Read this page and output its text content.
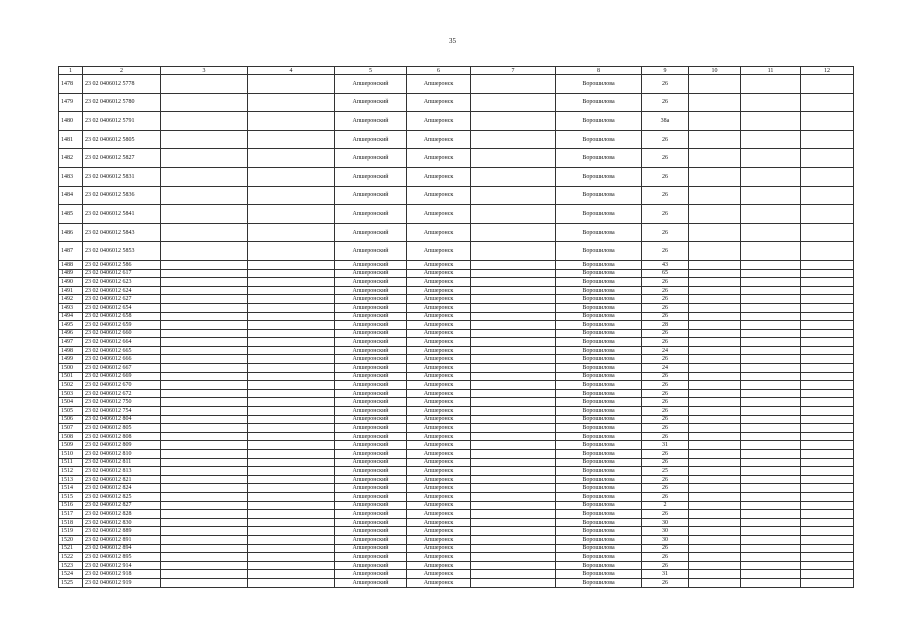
35
1	2	3	4	5	6	7	8	9	10	11	12
1478	23 02 0406012 5778			Апшеронский	Апшеронск		Ворошилова	26			
1479	23 02 0406012 5780			Апшеронский	Апшеронск		Ворошилова	26			
1480	23 02 0406012 5791			Апшеронский	Апшеронск		Ворошилова	38а			
1481	23 02 0406012 5805			Апшеронский	Апшеронск		Ворошилова	26			
1482	23 02 0406012 5827			Апшеронский	Апшеронск		Ворошилова	26			
1483	23 02 0406012 5831			Апшеронский	Апшеронск		Ворошилова	26			
1484	23 02 0406012 5836			Апшеронский	Апшеронск		Ворошилова	26			
1485	23 02 0406012 5841			Апшеронский	Апшеронск		Ворошилова	26			
1486	23 02 0406012 5843			Апшеронский	Апшеронск		Ворошилова	26			
1487	23 02 0406012 5853			Апшеронский	Апшеронск		Ворошилова	26			
1488	23 02 0406012 586			Апшеронский	Апшеронск		Ворошилова	43			
1489	23 02 0406012 617			Апшеронский	Апшеронск		Ворошилова	65			
1490	23 02 0406012 623			Апшеронский	Апшеронск		Ворошилова	26			
1491	23 02 0406012 624			Апшеронский	Апшеронск		Ворошилова	26			
1492	23 02 0406012 627			Апшеронский	Апшеронск		Ворошилова	26			
1493	23 02 0406012 654			Апшеронский	Апшеронск		Ворошилова	26			
1494	23 02 0406012 658			Апшеронский	Апшеронск		Ворошилова	26			
1495	23 02 0406012 659			Апшеронский	Апшеронск		Ворошилова	28			
1496	23 02 0406012 660			Апшеронский	Апшеронск		Ворошилова	26			
1497	23 02 0406012 664			Апшеронский	Апшеронск		Ворошилова	26			
1498	23 02 0406012 665			Апшеронский	Апшеронск		Ворошилова	24			
1499	23 02 0406012 666			Апшеронский	Апшеронск		Ворошилова	26			
1500	23 02 0406012 667			Апшеронский	Апшеронск		Ворошилова	24			
1501	23 02 0406012 669			Апшеронский	Апшеронск		Ворошилова	26			
1502	23 02 0406012 670			Апшеронский	Апшеронск		Ворошилова	26			
1503	23 02 0406012 672			Апшеронский	Апшеронск		Ворошилова	26			
1504	23 02 0406012 750			Апшеронский	Апшеронск		Ворошилова	26			
1505	23 02 0406012 754			Апшеронский	Апшеронск		Ворошилова	26			
1506	23 02 0406012 804			Апшеронский	Апшеронск		Ворошилова	26			
1507	23 02 0406012 805			Апшеронский	Апшеронск		Ворошилова	26			
1508	23 02 0406012 808			Апшеронский	Апшеронск		Ворошилова	26			
1509	23 02 0406012 809			Апшеронский	Апшеронск		Ворошилова	31			
1510	23 02 0406012 810			Апшеронский	Апшеронск		Ворошилова	26			
1511	23 02 0406012 811			Апшеронский	Апшеронск		Ворошилова	26			
1512	23 02 0406012 813			Апшеронский	Апшеронск		Ворошилова	25			
1513	23 02 0406012 821			Апшеронский	Апшеронск		Ворошилова	26			
1514	23 02 0406012 824			Апшеронский	Апшеронск		Ворошилова	26			
1515	23 02 0406012 825			Апшеронский	Апшеронск		Ворошилова	26			
1516	23 02 0406012 827			Апшеронский	Апшеронск		Ворошилова	2			
1517	23 02 0406012 828			Апшеронский	Апшеронск		Ворошилова	26			
1518	23 02 0406012 830			Апшеронский	Апшеронск		Ворошилова	30			
1519	23 02 0406012 889			Апшеронский	Апшеронск		Ворошилова	30			
1520	23 02 0406012 891			Апшеронский	Апшеронск		Ворошилова	30			
1521	23 02 0406012 894			Апшеронский	Апшеронск		Ворошилова	26			
1522	23 02 0406012 895			Апшеронский	Апшеронск		Ворошилова	26			
1523	23 02 0406012 914			Апшеронский	Апшеронск		Ворошилова	26			
1524	23 02 0406012 918			Апшеронский	Апшеронск		Ворошилова	31			
1525	23 02 0406012 919			Апшеронский	Апшеронск		Ворошилова	26			
